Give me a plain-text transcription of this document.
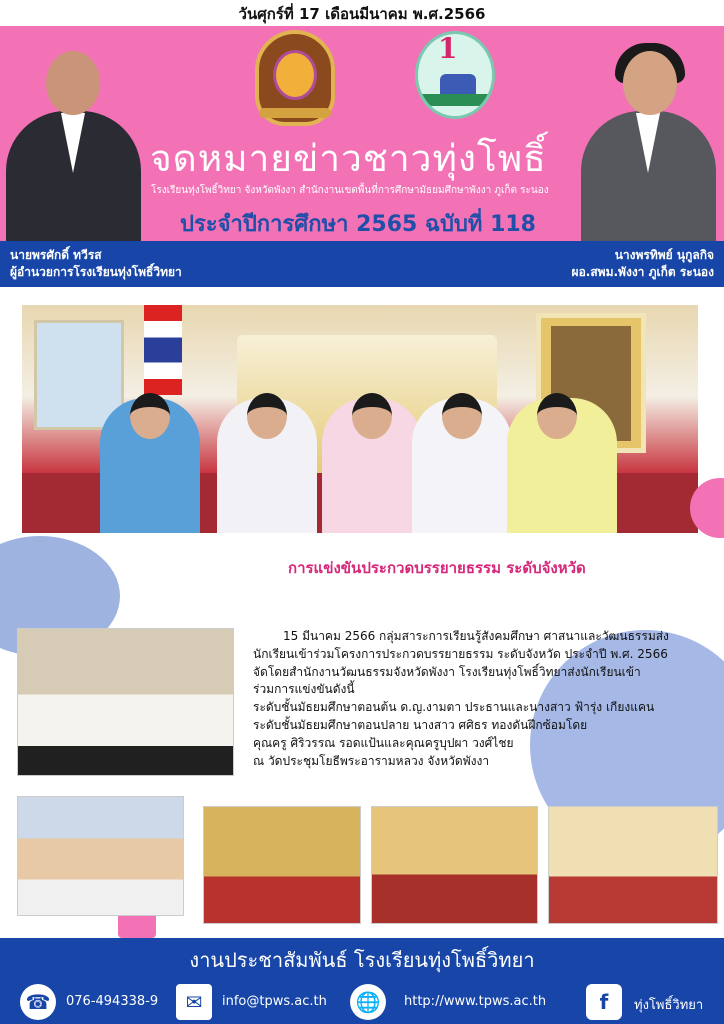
วันศุกร์ที่ 17 เดือนมีนาคม พ.ศ.2566
1
จดหมายข่าวชาวทุ่งโพธิ์
โรงเรียนทุ่งโพธิ์วิทยา จังหวัดพังงา สำนักงานเขตพื้นที่การศึกษามัธยมศึกษาพังงา ภูเก็ต ระนอง
ประจำปีการศึกษา 2565 ฉบับที่ 118
นายพรศักดิ์ ทวีรส
ผู้อำนวยการโรงเรียนทุ่งโพธิ์วิทยา
นางพรทิพย์ นุกูลกิจ
ผอ.สพม.พังงา ภูเก็ต ระนอง
การแข่งขันประกวดบรรยายธรรม ระดับจังหวัด

15 มีนาคม 2566 กลุ่มสาระการเรียนรู้สังคมศึกษา ศาสนาและวัฒนธรรมส่ง

นักเรียนเข้าร่วมโครงการประกวดบรรยายธรรม ระดับจังหวัด ประจำปี พ.ศ. 2566

จัดโดยสำนักงานวัฒนธรรมจังหวัดพังงา โรงเรียนทุ่งโพธิ์วิทยาส่งนักเรียนเข้า

ร่วมการแข่งขันดังนี้

ระดับชั้นมัธยมศึกษาตอนต้น ด.ญ.งามตา ประธานและนางสาว ฟ้ารุ่ง เกียงแคน

ระดับชั้นมัธยมศึกษาตอนปลาย นางสาว ศศิธร ทองดันฝึกซ้อมโดย

คุณครู ศิริวรรณ รอดแป้นและคุณครูบุปผา วงศ์ไชย

ณ วัดประชุมโยธีพระอารามหลวง จังหวัดพังงา

งานประชาสัมพันธ์ โรงเรียนทุ่งโพธิ์วิทยา
☎	076-494338-9	✉	info@tpws.ac.th 🌐	http://www.tpws.ac.th	f	ทุ่งโพธิ์วิทยา
